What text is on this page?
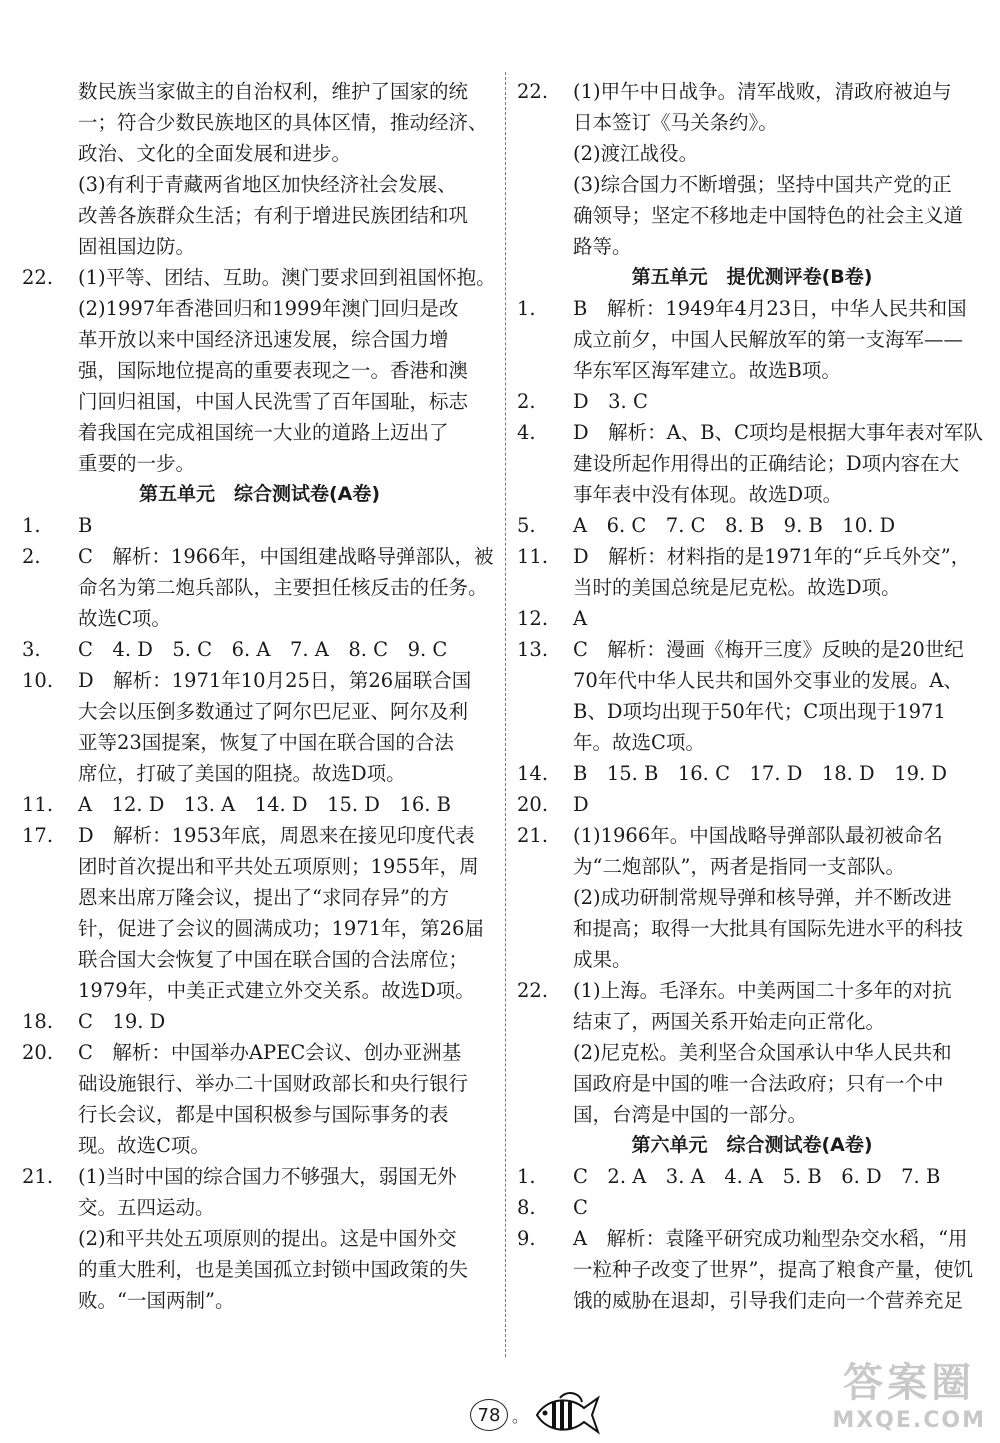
数民族当家做主的自治权利，维护了国家的统
一；符合少数民族地区的具体区情，推动经济、
政治、文化的全面发展和进步。
(3)有利于青藏两省地区加快经济社会发展、
改善各族群众生活；有利于增进民族团结和巩
固祖国边防。
22. (1)平等、团结、互助。澳门要求回到祖国怀抱。
(2)1997年香港回归和1999年澳门回归是改
革开放以来中国经济迅速发展，综合国力增
强，国际地位提高的重要表现之一。香港和澳
门回归祖国，中国人民洗雪了百年国耻，标志
着我国在完成祖国统一大业的道路上迈出了
重要的一步。
第五单元　综合测试卷(A卷)
1. B
2. C　解析：1966年，中国组建战略导弹部队，被
命名为第二炮兵部队，主要担任核反击的任务。
故选C项。
3. C　4. D　5. C　6. A　7. A　8. C　9. C
10. D　解析：1971年10月25日，第26届联合国
大会以压倒多数通过了阿尔巴尼亚、阿尔及利
亚等23国提案，恢复了中国在联合国的合法
席位，打破了美国的阻挠。故选D项。
11. A　12. D　13. A　14. D　15. D　16. B
17. D　解析：1953年底，周恩来在接见印度代表
团时首次提出和平共处五项原则；1955年，周
恩来出席万隆会议，提出了“求同存异”的方
针，促进了会议的圆满成功；1971年，第26届
联合国大会恢复了中国在联合国的合法席位；
1979年，中美正式建立外交关系。故选D项。
18. C　19. D
20. C　解析：中国举办APEC会议、创办亚洲基
础设施银行、举办二十国财政部长和央行银行
行长会议，都是中国积极参与国际事务的表
现。故选C项。
21. (1)当时中国的综合国力不够强大，弱国无外
交。五四运动。
(2)和平共处五项原则的提出。这是中国外交
的重大胜利，也是美国孤立封锁中国政策的失
败。“一国两制”。
22. (1)甲午中日战争。清军战败，清政府被迫与
日本签订《马关条约》。
(2)渡江战役。
(3)综合国力不断增强；坚持中国共产党的正
确领导；坚定不移地走中国特色的社会主义道
路等。
第五单元　提优测评卷(B卷)
1. B　解析：1949年4月23日，中华人民共和国
成立前夕，中国人民解放军的第一支海军——
华东军区海军建立。故选B项。
2. D　3. C
4. D　解析：A、B、C项均是根据大事年表对军队
建设所起作用得出的正确结论；D项内容在大
事年表中没有体现。故选D项。
5. A　6. C　7. C　8. B　9. B　10. D
11. D　解析：材料指的是1971年的“乒乓外交”，
当时的美国总统是尼克松。故选D项。
12. A
13. C　解析：漫画《梅开三度》反映的是20世纪
70年代中华人民共和国外交事业的发展。A、
B、D项均出现于50年代；C项出现于1971
年。故选C项。
14. B　15. B　16. C　17. D　18. D　19. D
20. D
21. (1)1966年。中国战略导弹部队最初被命名
为“二炮部队”，两者是指同一支部队。
(2)成功研制常规导弹和核导弹，并不断改进
和提高；取得一大批具有国际先进水平的科技
成果。
22. (1)上海。毛泽东。中美两国二十多年的对抗
结束了，两国关系开始走向正常化。
(2)尼克松。美利坚合众国承认中华人民共和
国政府是中国的唯一合法政府；只有一个中
国，台湾是中国的一部分。
第六单元　综合测试卷(A卷)
1. C　2. A　3. A　4. A　5. B　6. D　7. B
8. C
9. A　解析：袁隆平研究成功籼型杂交水稻，“用
一粒种子改变了世界”，提高了粮食产量，使饥
饿的威胁在退却，引导我们走向一个营养充足
78 。
答案圈
MXQE.COM
